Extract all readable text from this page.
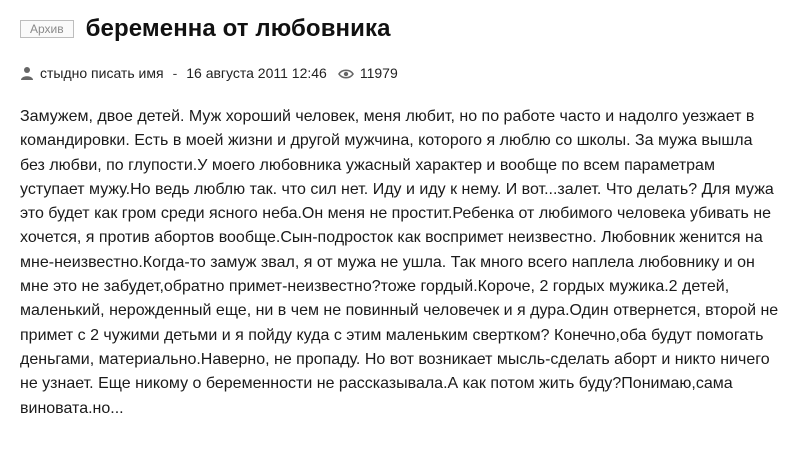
Архив беременна от любовника
стыдно писать имя - 16 августа 2011 12:46 11979
Замужем, двое детей. Муж хороший человек, меня любит, но по работе часто и надолго уезжает в командировки. Есть в моей жизни и другой мужчина, которого я люблю со школы. За мужа вышла без любви, по глупости.У моего любовника ужасный характер и вообще по всем параметрам уступает мужу.Но ведь люблю так. что сил нет. Иду и иду к нему. И вот...залет. Что делать? Для мужа это будет как гром среди ясного неба.Он меня не простит.Ребенка от любимого человека убивать не хочется, я против абортов вообще.Сын-подросток как воспримет неизвестно. Любовник женится на мне-неизвестно.Когда-то замуж звал, я от мужа не ушла. Так много всего наплела любовнику и он мне это не забудет,обратно примет-неизвестно?тоже гордый.Короче, 2 гордых мужика.2 детей, маленький, нерожденный еще, ни в чем не повинный человечек и я дура.Один отвернется, второй не примет с 2 чужими детьми и я пойду куда с этим маленьким свертком? Конечно,оба будут помогать деньгами, материально.Наверно, не пропаду. Но вот возникает мысль-сделать аборт и никто ничего не узнает. Еще никому о беременности не рассказывала.А как потом жить буду?Понимаю,сама виновата.но...
